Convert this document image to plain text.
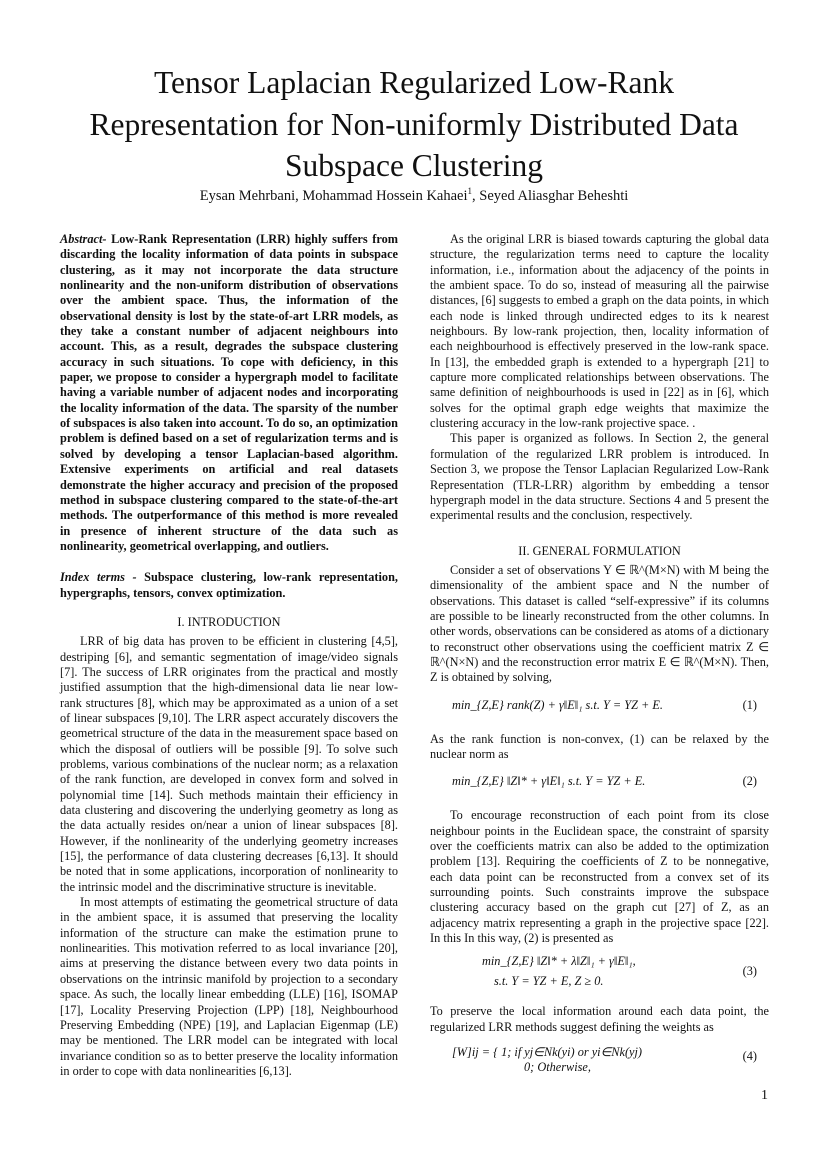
Tensor Laplacian Regularized Low-Rank
Representation for Non-uniformly Distributed Data
Subspace Clustering
Eysan Mehrbani, Mohammad Hossein Kahaei$^1$, Seyed Aliasghar Beheshti

Abstract- Low-Rank Representation (LRR) highly suffers from discarding the locality information of data points in subspace clustering, as it may not incorporate the data structure nonlinearity and the non-uniform distribution of observations over the ambient space. Thus, the information of the observational density is lost by the state-of-art LRR models, as they take a constant number of adjacent neighbours into account. This, as a result, degrades the subspace clustering accuracy in such situations. To cope with deficiency, in this paper, we propose to consider a hypergraph model to facilitate having a variable number of adjacent nodes and incorporating the locality information of the data. The sparsity of the number of subspaces is also taken into account. To do so, an optimization problem is defined based on a set of regularization terms and is solved by developing a tensor Laplacian-based algorithm. Extensive experiments on artificial and real datasets demonstrate the higher accuracy and precision of the proposed method in subspace clustering compared to the state-of-the-art methods. The outperformance of this method is more revealed in presence of inherent structure of the data such as nonlinearity, geometrical overlapping, and outliers.

Index terms - Subspace clustering, low-rank representation, hypergraphs, tensors, convex optimization.

I. INTRODUCTION

LRR of big data has proven to be efficient in clustering [4,5], destriping [6], and semantic segmentation of image/video signals [7]. The success of LRR originates from the practical and mostly justified assumption that the high-dimensional data lie near low-rank structures [8], which may be approximated as a union of a set of linear subspaces [9,10]. The LRR aspect accurately discovers the geometrical structure of the data in the measurement space based on which the disposal of outliers will be possible [9]. To solve such problems, various combinations of the nuclear norm; as a relaxation of the rank function, are developed in convex form and solved in polynomial time [14]. Such methods maintain their efficiency in data clustering and discovering the underlying geometry as long as the data actually resides on/near a union of linear subspaces [8]. However, if the nonlinearity of the underlying geometry increases [15], the performance of data clustering decreases [6,13]. It should be noted that in some applications, incorporation of nonlinearity to the intrinsic model and the discriminative structure is inevitable.

In most attempts of estimating the geometrical structure of data in the ambient space, it is assumed that preserving the locality information of the structure can make the estimation prune to nonlinearities. This motivation referred to as local invariance [20], aims at preserving the distance between every two data points in observations on the intrinsic manifold by projection to a secondary space. As such, the locally linear embedding (LLE) [16], ISOMAP [17], Locality Preserving Projection (LPP) [18], Neighbourhood Preserving Embedding (NPE) [19], and Laplacian Eigenmap (LE) may be mentioned. The LRR model can be integrated with local invariance condition so as to better preserve the locality information in order to cope with data nonlinearities [6,13].

As the original LRR is biased towards capturing the global data structure, the regularization terms need to capture the locality information, i.e., information about the adjacency of the points in the ambient space. To do so, instead of measuring all the pairwise distances, [6] suggests to embed a graph on the data points, in which each node is linked through undirected edges to its k nearest neighbours. By low-rank projection, then, locality information of each neighbourhood is effectively preserved in the low-rank space. In [13], the embedded graph is extended to a hypergraph [21] to capture more complicated relationships between observations. The same definition of neighbourhoods is used in [22] as in [6], which solves for the optimal graph edge weights that maximize the clustering accuracy in the low-rank projective space. .

This paper is organized as follows. In Section 2, the general formulation of the regularized LRR problem is introduced. In Section 3, we propose the Tensor Laplacian Regularized Low-Rank Representation (TLR-LRR) algorithm by embedding a tensor hypergraph model in the data structure. Sections 4 and 5 present the experimental results and the conclusion, respectively.

II. GENERAL FORMULATION

Consider a set of observations Y ∈ ℝ^(M×N) with M being the dimensionality of the ambient space and N the number of observations. This dataset is called “self-expressive” if its columns are possible to be linearly reconstructed from the other columns. In other words, observations can be considered as atoms of a dictionary to reconstruct other observations using the coefficient matrix Z ∈ ℝ^(N×N) and the reconstruction error matrix E ∈ ℝ^(M×N). Then, Z is obtained by solving,

min_{Z,E} rank(Z) + γ‖E‖₁ s.t. Y = YZ + E.	(1)

As the rank function is non-convex, (1) can be relaxed by the nuclear norm as

min_{Z,E} ‖Z‖* + γ‖E‖₁ s.t. Y = YZ + E.	(2)

To encourage reconstruction of each point from its close neighbour points in the Euclidean space, the constraint of sparsity over the coefficients matrix can also be added to the optimization problem [13]. Requiring the coefficients of Z to be nonnegative, each data point can be reconstructed from a convex set of its surrounding points. Such constraints improve the subspace clustering accuracy based on the graph cut [27] of Z, as an adjacency matrix representing a graph in the projective space [22]. In this In this way, (2) is presented as

min_{Z,E} ‖Z‖* + λ‖Z‖₁ + γ‖E‖₁,
s.t. Y = YZ + E, Z ≥ 0.
(3)

To preserve the local information around each data point, the regularized LRR methods suggest defining the weights as

[W]ij = { 1; if yj∈Nk(yi) or yi∈Nk(yj)
0; Otherwise,
(4)
1
